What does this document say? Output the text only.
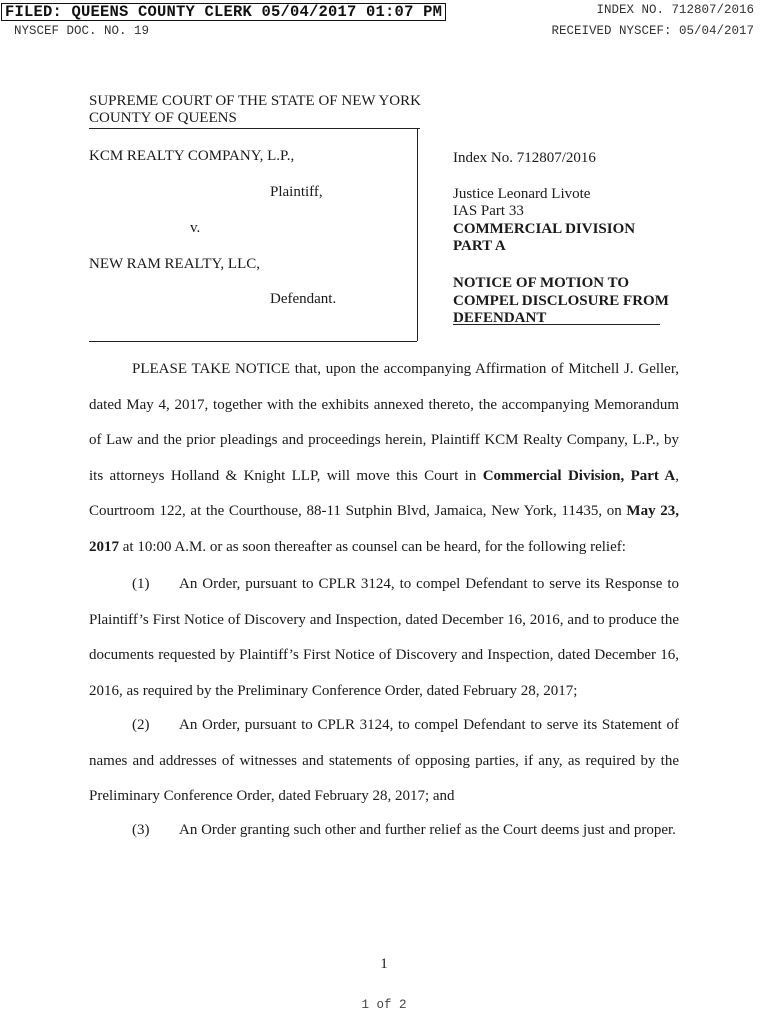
FILED: QUEENS COUNTY CLERK 05/04/2017 01:07 PM	INDEX NO. 712807/2016
NYSCEF DOC. NO. 19	RECEIVED NYSCEF: 05/04/2017
SUPREME COURT OF THE STATE OF NEW YORK
COUNTY OF QUEENS
KCM REALTY COMPANY, L.P.,
Plaintiff,
v.
NEW RAM REALTY, LLC,
Defendant.
Index No. 712807/2016
Justice Leonard Livote
IAS Part 33
COMMERCIAL DIVISION
PART A
NOTICE OF MOTION TO
COMPEL DISCLOSURE FROM
DEFENDANT
PLEASE TAKE NOTICE that, upon the accompanying Affirmation of Mitchell J. Geller, dated May 4, 2017, together with the exhibits annexed thereto, the accompanying Memorandum of Law and the prior pleadings and proceedings herein, Plaintiff KCM Realty Company, L.P., by its attorneys Holland & Knight LLP, will move this Court in Commercial Division, Part A, Courtroom 122, at the Courthouse, 88-11 Sutphin Blvd, Jamaica, New York, 11435, on May 23, 2017 at 10:00 A.M. or as soon thereafter as counsel can be heard, for the following relief:
(1) An Order, pursuant to CPLR 3124, to compel Defendant to serve its Response to Plaintiff’s First Notice of Discovery and Inspection, dated December 16, 2016, and to produce the documents requested by Plaintiff’s First Notice of Discovery and Inspection, dated December 16, 2016, as required by the Preliminary Conference Order, dated February 28, 2017;
(2) An Order, pursuant to CPLR 3124, to compel Defendant to serve its Statement of names and addresses of witnesses and statements of opposing parties, if any, as required by the Preliminary Conference Order, dated February 28, 2017; and
(3) An Order granting such other and further relief as the Court deems just and proper.
1
1 of 2
